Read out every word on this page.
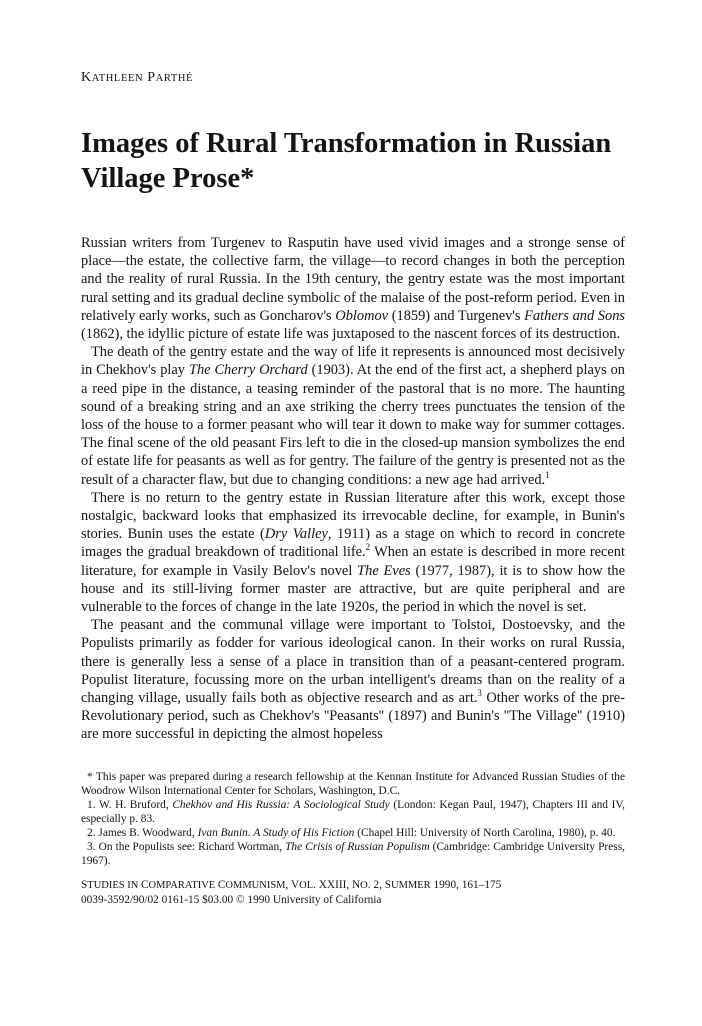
KATHLEEN PARTHÉ
Images of Rural Transformation in Russian Village Prose*

Russian writers from Turgenev to Rasputin have used vivid images and a stronge sense of place—the estate, the collective farm, the village—to record changes in both the perception and the reality of rural Russia. In the 19th century, the gentry estate was the most important rural setting and its gradual decline symbolic of the malaise of the post-reform period. Even in relatively early works, such as Goncharov's Oblomov (1859) and Turgenev's Fathers and Sons (1862), the idyllic picture of estate life was juxtaposed to the nascent forces of its destruction.

The death of the gentry estate and the way of life it represents is announced most decisively in Chekhov's play The Cherry Orchard (1903). At the end of the first act, a shepherd plays on a reed pipe in the distance, a teasing reminder of the pastoral that is no more. The haunting sound of a breaking string and an axe striking the cherry trees punctuates the tension of the loss of the house to a former peasant who will tear it down to make way for summer cottages. The final scene of the old peasant Firs left to die in the closed-up mansion symbolizes the end of estate life for peasants as well as for gentry. The failure of the gentry is presented not as the result of a character flaw, but due to changing conditions: a new age had arrived.$^1$

There is no return to the gentry estate in Russian literature after this work, except those nostalgic, backward looks that emphasized its irrevocable decline, for example, in Bunin's stories. Bunin uses the estate (Dry Valley, 1911) as a stage on which to record in concrete images the gradual breakdown of traditional life.$^2$ When an estate is described in more recent literature, for example in Vasily Belov's novel The Eves (1977, 1987), it is to show how the house and its still-living former master are attractive, but are quite peripheral and are vulnerable to the forces of change in the late 1920s, the period in which the novel is set.

The peasant and the communal village were important to Tolstoi, Dostoevsky, and the Populists primarily as fodder for various ideological canon. In their works on rural Russia, there is generally less a sense of a place in transition than of a peasant-centered program. Populist literature, focussing more on the urban intelligent's dreams than on the reality of a changing village, usually fails both as objective research and as art.$^3$ Other works of the pre-Revolutionary period, such as Chekhov's ''Peasants'' (1897) and Bunin's ''The Village'' (1910) are more successful in depicting the almost hopeless

* This paper was prepared during a research fellowship at the Kennan Institute for Advanced Russian Studies of the Woodrow Wilson International Center for Scholars, Washington, D.C.
1. W. H. Bruford, Chekhov and His Russia: A Sociological Study (London: Kegan Paul, 1947), Chapters III and IV, especially p. 83.
2. James B. Woodward, Ivan Bunin. A Study of His Fiction (Chapel Hill: University of North Carolina, 1980), p. 40.
3. On the Populists see: Richard Wortman, The Crisis of Russian Populism (Cambridge: Cambridge University Press, 1967).
STUDIES IN COMPARATIVE COMMUNISM, VOL. XXIII, NO. 2, SUMMER 1990, 161–175
0039-3592/90/02 0161-15 $03.00 © 1990 University of California
